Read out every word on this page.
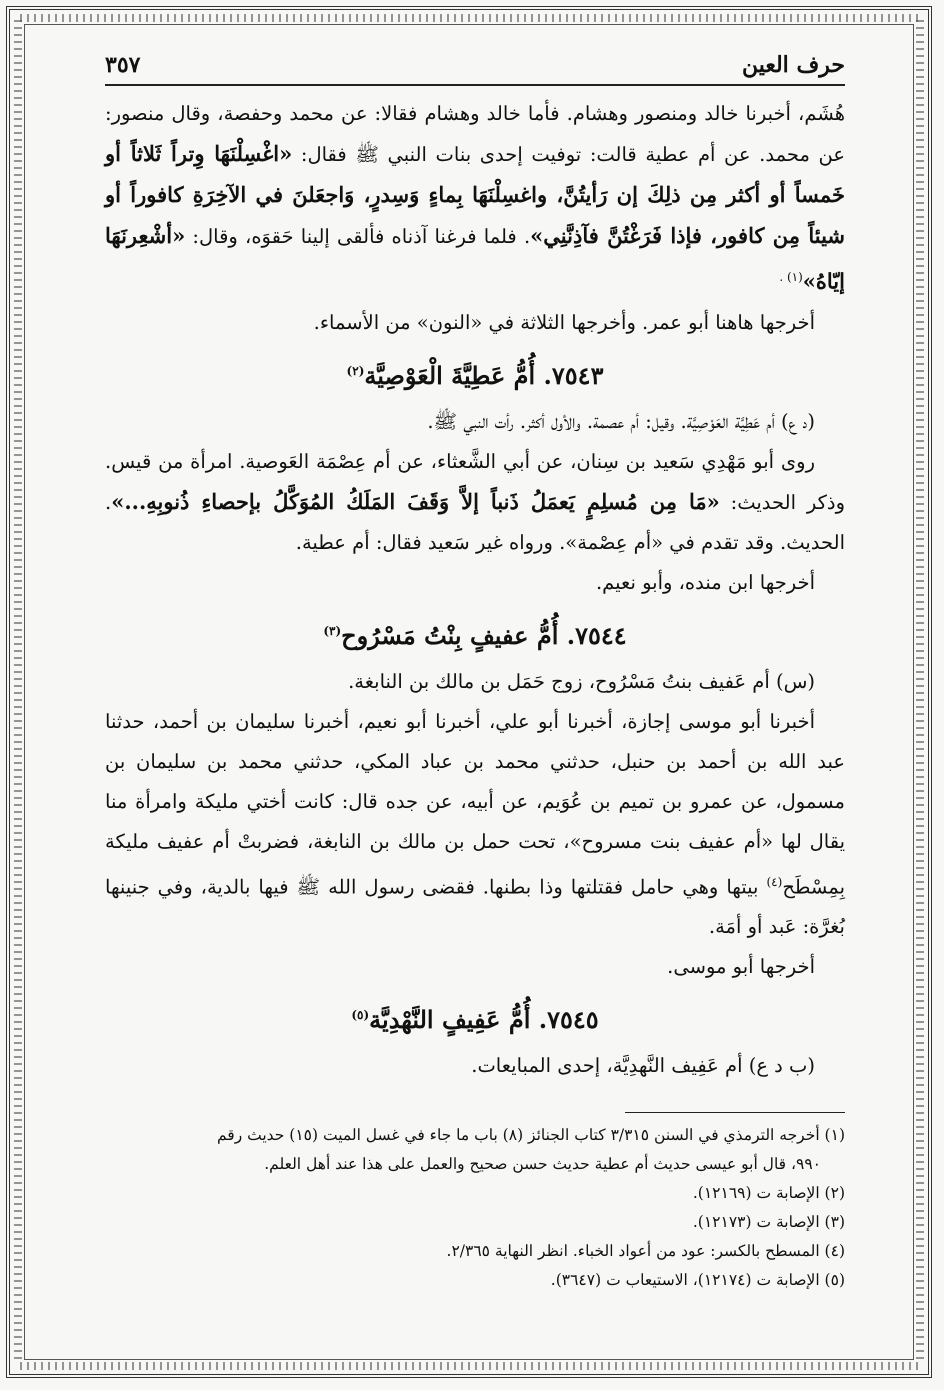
حرف العين
٣٥٧

هُشَم، أخبرنا خالد ومنصور وهشام. فأما خالد وهشام فقالا: عن محمد وحفصة، وقال منصور: عن محمد. عن أم عطية قالت: توفيت إحدى بنات النبي ﷺ فقال: «اغْسِلْنَهَا وِتراً ثَلاثاً أو خَمساً أو أكثر مِن ذلِكَ إن رَأيتُنَّ، واغسِلْنَهَا بِماءٍ وَسِدرٍ، وَاجعَلنَ في الآخِرَةِ كافوراً أو شيئاً مِن كافور، فإذا فَرَغْتُنَّ فآذِنَّنِي». فلما فرغنا آذناه فألقى إلينا حَقوَه، وقال: «أشْعِرنَهَا إيّاهُ»$^{(١) .}$

أخرجها هاهنا أبو عمر. وأخرجها الثلاثة في «النون» من الأسماء.

٧٥٤٣. أُمُّ عَطِيَّةَ الْعَوْصِيَّة$^{(٢)}$

(د ع) أم عَطِيَّة العَوْصِيَّة. وقيل: أم عصمة. والأول أكثر. رأت النبي ﷺ.

روى أبو مَهْدِي سَعيد بن سِنان، عن أبي الشَّعثاء، عن أم عِصْمَة العَوصية. امرأة من قيس. وذكر الحديث: «مَا مِن مُسلِمٍ يَعمَلُ ذَنباً إلاَّ وَقَفَ المَلَكُ المُوَكَّلُ بإحصاءِ ذُنوبِهِ...». الحديث. وقد تقدم في «أم عِصْمة». ورواه غير سَعيد فقال: أم عطية.

أخرجها ابن منده، وأبو نعيم.

٧٥٤٤. أُمُّ عفيفٍ بِنْتُ مَسْرُوح$^{(٣)}$

(س) أم عَفيف بنتُ مَسْرُوح، زوج حَمَل بن مالك بن النابغة.

أخبرنا أبو موسى إجازة، أخبرنا أبو علي، أخبرنا أبو نعيم، أخبرنا سليمان بن أحمد، حدثنا عبد الله بن أحمد بن حنبل، حدثني محمد بن عباد المكي، حدثني محمد بن سليمان بن مسمول، عن عمرو بن تميم بن عُوَيم، عن أبيه، عن جده قال: كانت أختي مليكة وامرأة منا يقال لها «أم عفيف بنت مسروح»، تحت حمل بن مالك بن النابغة، فضربتْ أم عفيف مليكة بِمِسْطَح$^{(٤)}$ بيتها وهي حامل فقتلتها وذا بطنها. فقضى رسول الله ﷺ فيها بالدية، وفي جنينها بُغرَّة: عَبد أو أمَة.

أخرجها أبو موسى.

٧٥٤٥. أُمُّ عَفِيفٍ النَّهْدِيَّة$^{(٥)}$

(ب د ع) أم عَفِيف النَّهدِيَّة، إحدى المبايعات.

(١) أخرجه الترمذي في السنن ٣/٣١٥ كتاب الجنائز (٨) باب ما جاء في غسل الميت (١٥) حديث رقم

٩٩٠، قال أبو عيسى حديث أم عطية حديث حسن صحيح والعمل على هذا عند أهل العلم.

(٢) الإصابة ت (١٢١٦٩).

(٣) الإصابة ت (١٢١٧٣).

(٤) المسطح بالكسر: عود من أعواد الخباء. انظر النهاية ٢/٣٦٥.

(٥) الإصابة ت (١٢١٧٤)، الاستيعاب ت (٣٦٤٧).
